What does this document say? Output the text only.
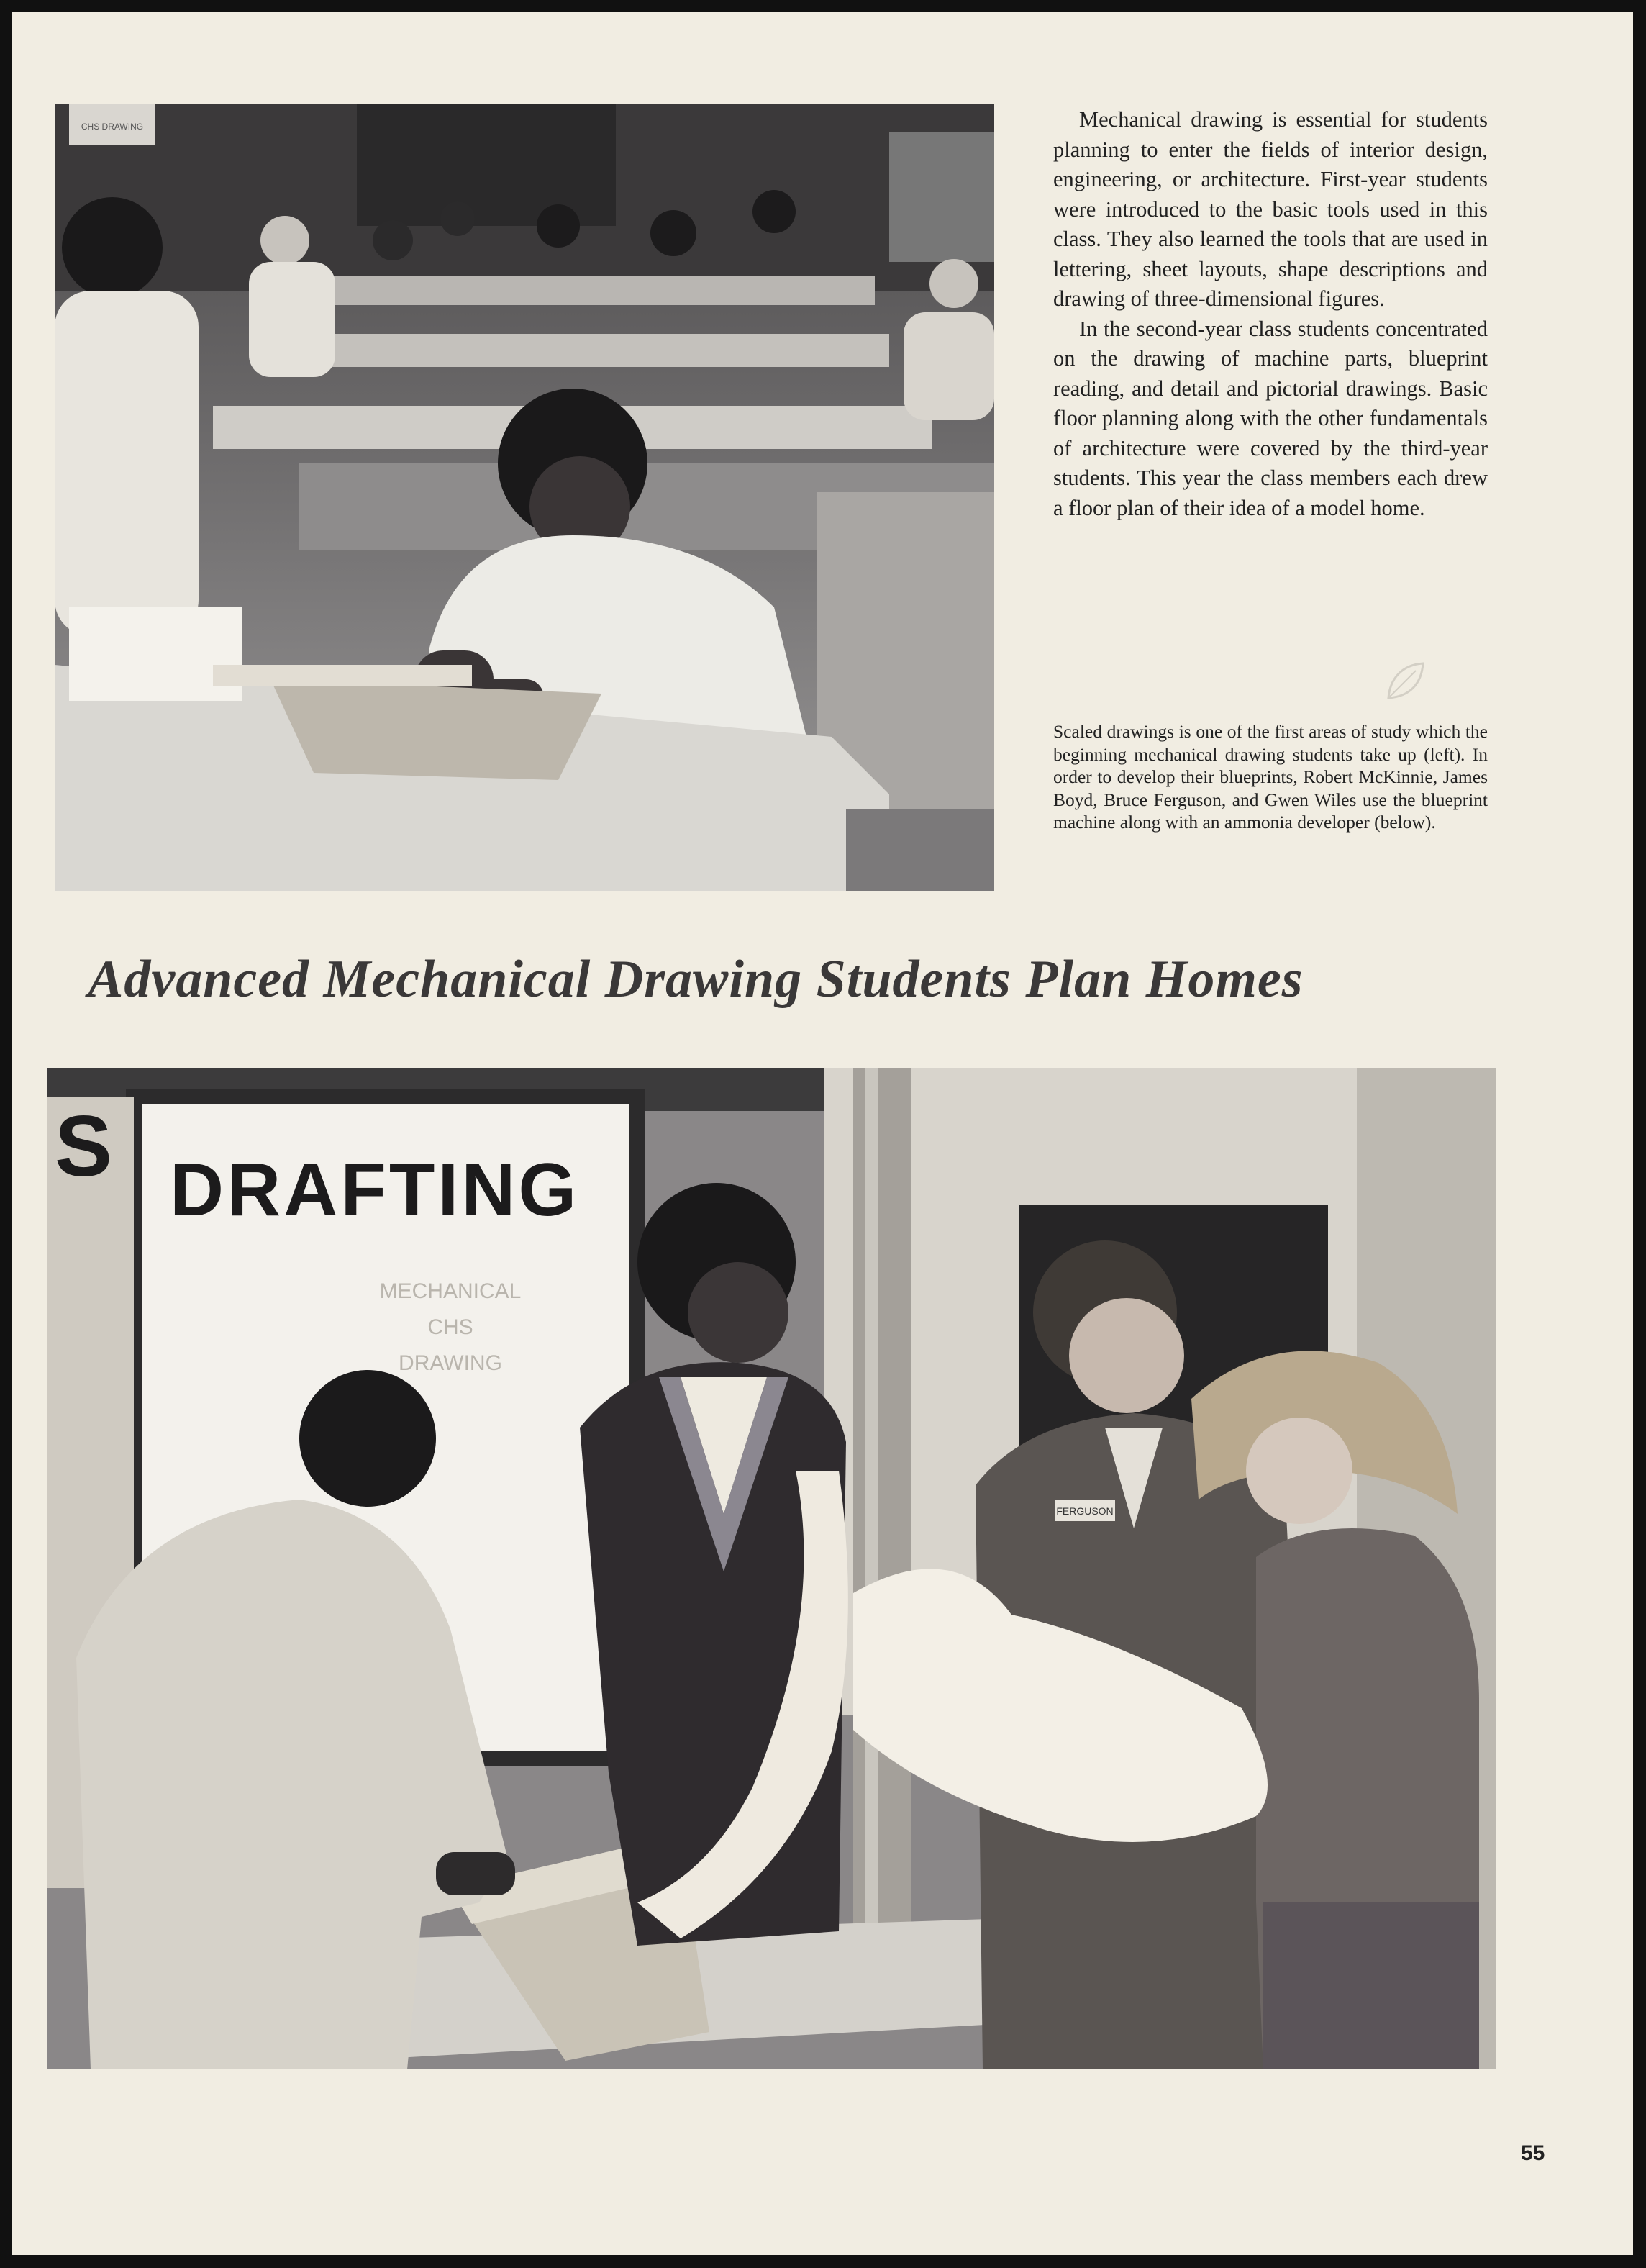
CHS DRAWING	Mechanical drawing is essential for students planning to enter the fields of interior design, engineering, or architecture. First-year students were introduced to the basic tools used in this class. They also learned the tools that are used in lettering, sheet layouts, shape descriptions and drawing of three-dimensional figures.

In the second-year class students concentrated on the drawing of machine parts, blueprint reading, and detail and pictorial drawings. Basic floor planning along with the other fundamentals of architecture were covered by the third-year students. This year the class members each drew a floor plan of their idea of a model home.

Scaled drawings is one of the first areas of study which the beginning mechanical drawing students take up (left). In order to develop their blueprints, Robert McKinnie, James Boyd, Bruce Ferguson, and Gwen Wiles use the blueprint machine along with an ammonia developer (below).

Advanced Mechanical Drawing Students Plan Homes
S DRAFTING
MECHANICAL
CHS
DRAWING
FERGUSON
55
